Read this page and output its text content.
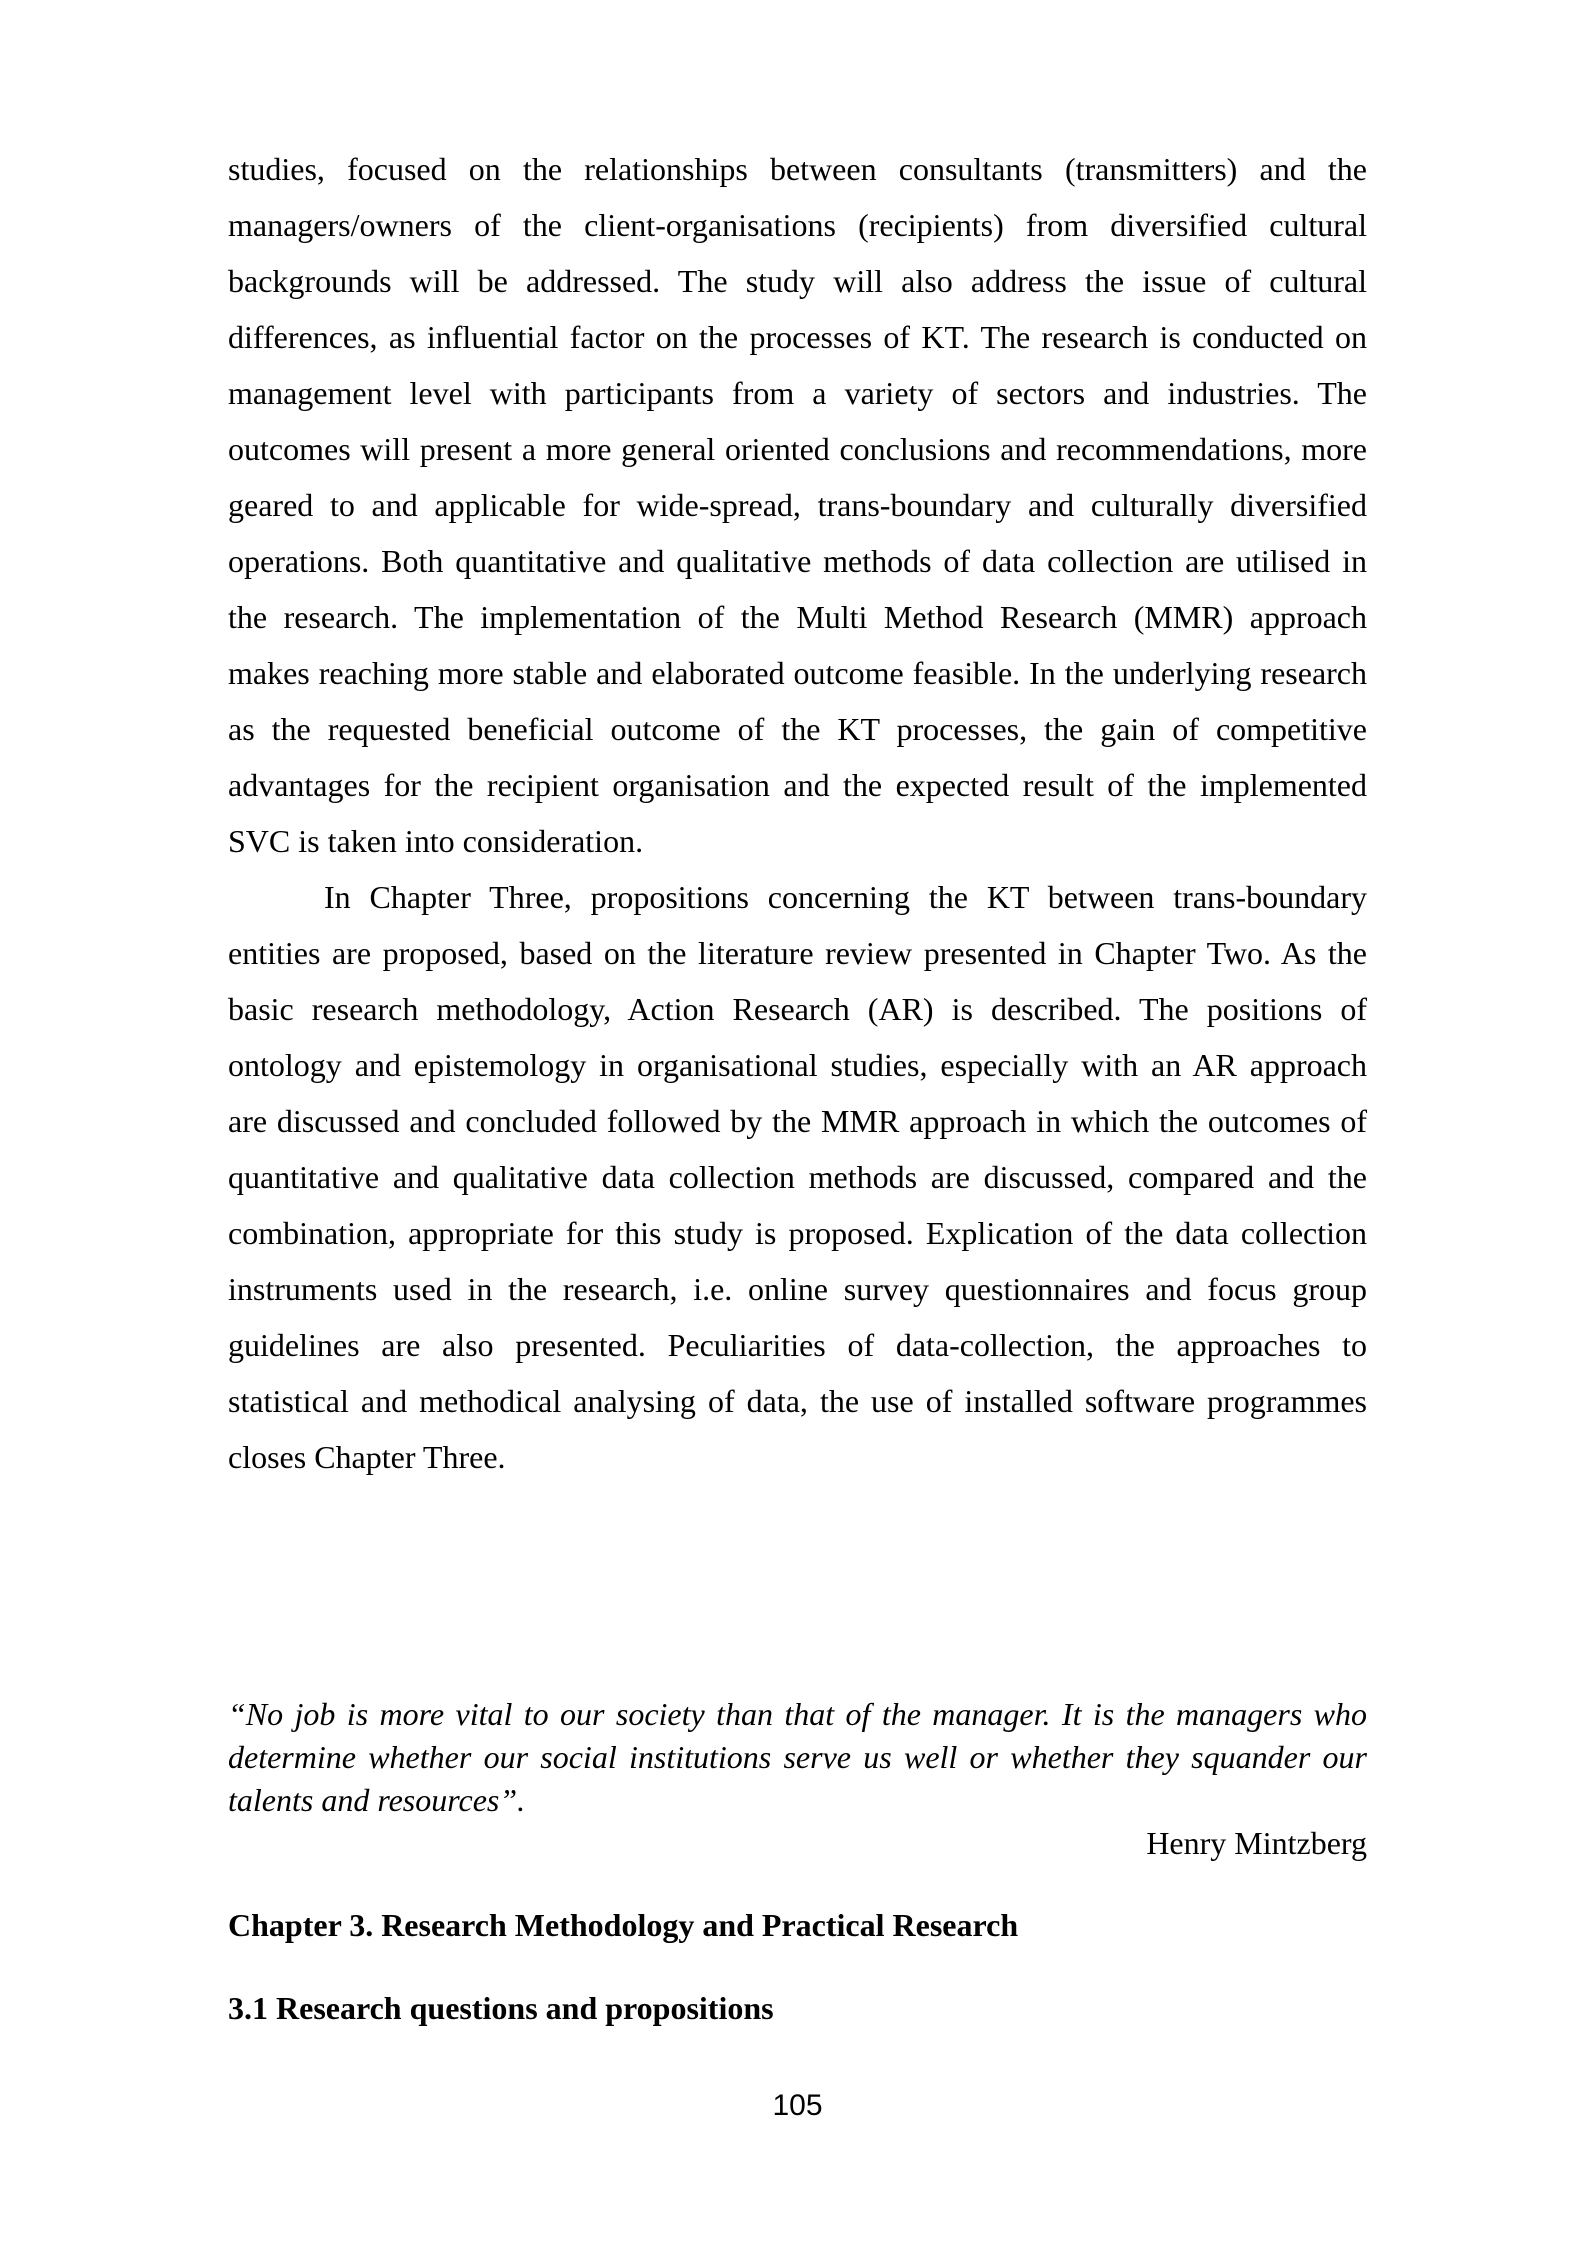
studies, focused on the relationships between consultants (transmitters) and the
managers/owners of the client-organisations (recipients) from diversified cultural
backgrounds will be addressed. The study will also address the issue of cultural
differences, as influential factor on the processes of KT. The research is conducted on
management level with participants from a variety of sectors and industries. The
outcomes will present a more general oriented conclusions and recommendations, more
geared to and applicable for wide-spread, trans-boundary and culturally diversified
operations. Both quantitative and qualitative methods of data collection are utilised in
the research. The implementation of the Multi Method Research (MMR) approach
makes reaching more stable and elaborated outcome feasible. In the underlying research
as the requested beneficial outcome of the KT processes, the gain of competitive
advantages for the recipient organisation and the expected result of the implemented
SVC is taken into consideration.
In Chapter Three, propositions concerning the KT between trans-boundary
entities are proposed, based on the literature review presented in Chapter Two. As the
basic research methodology, Action Research (AR) is described. The positions of
ontology and epistemology in organisational studies, especially with an AR approach
are discussed and concluded followed by the MMR approach in which the outcomes of
quantitative and qualitative data collection methods are discussed, compared and the
combination, appropriate for this study is proposed. Explication of the data collection
instruments used in the research, i.e. online survey questionnaires and focus group
guidelines are also presented. Peculiarities of data-collection, the approaches to
statistical and methodical analysing of data, the use of installed software programmes
closes Chapter Three.
“No job is more vital to our society than that of the manager. It is the managers who
determine whether our social institutions serve us well or whether they squander our
talents and resources”.
Henry Mintzberg
Chapter 3. Research Methodology and Practical Research
3.1 Research questions and propositions
105
